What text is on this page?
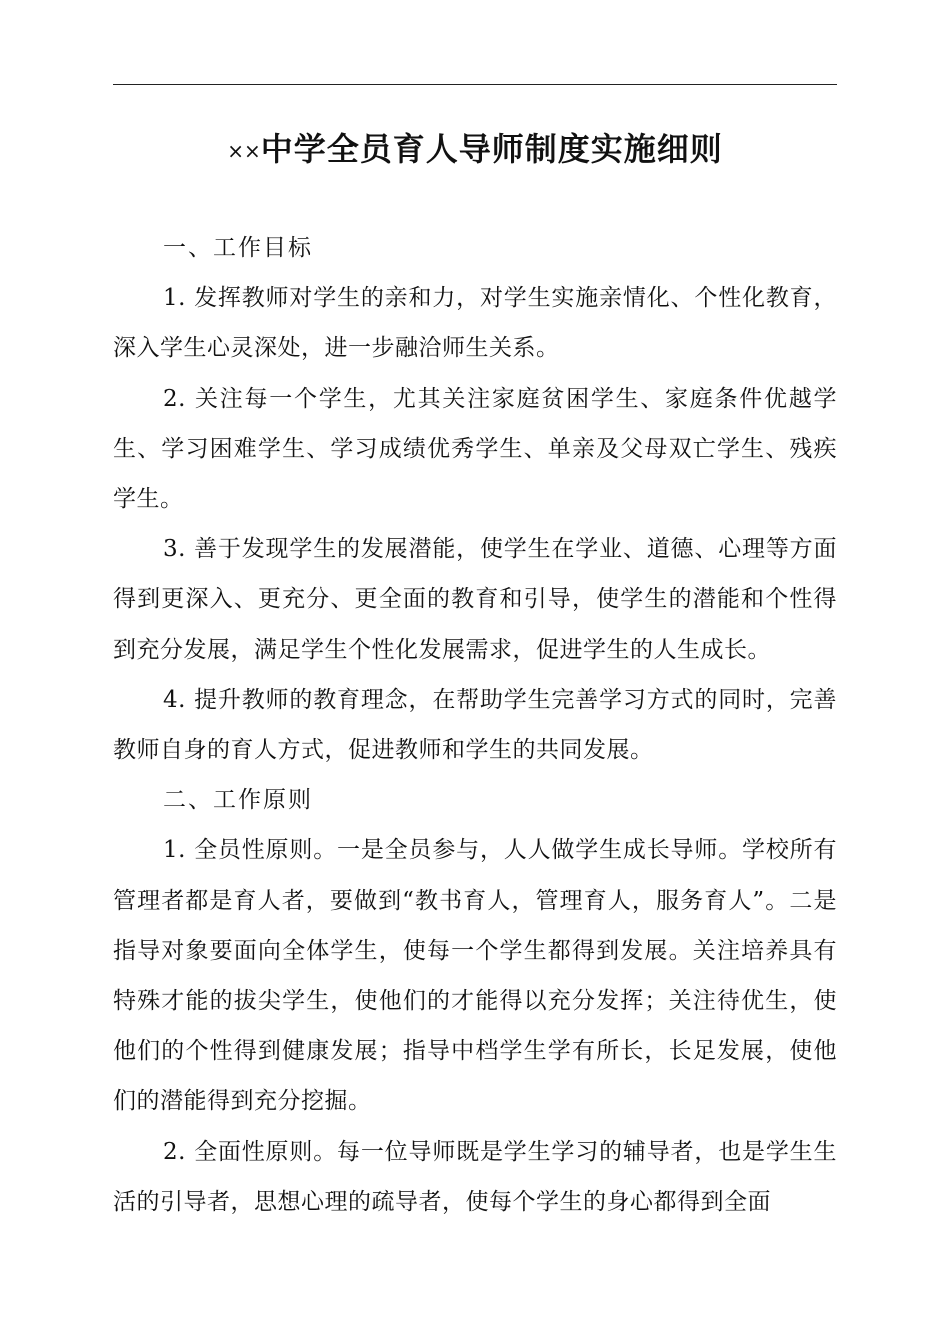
××中学全员育人导师制度实施细则

一、工作目标

1. 发挥教师对学生的亲和力，对学生实施亲情化、个性化教育，深入学生心灵深处，进一步融洽师生关系。

2. 关注每一个学生，尤其关注家庭贫困学生、家庭条件优越学生、学习困难学生、学习成绩优秀学生、单亲及父母双亡学生、残疾学生。

3. 善于发现学生的发展潜能，使学生在学业、道德、心理等方面得到更深入、更充分、更全面的教育和引导，使学生的潜能和个性得到充分发展，满足学生个性化发展需求，促进学生的人生成长。

4. 提升教师的教育理念，在帮助学生完善学习方式的同时，完善教师自身的育人方式，促进教师和学生的共同发展。

二、工作原则

1. 全员性原则。一是全员参与，人人做学生成长导师。学校所有管理者都是育人者，要做到“教书育人，管理育人，服务育人”。二是指导对象要面向全体学生，使每一个学生都得到发展。关注培养具有特殊才能的拔尖学生，使他们的才能得以充分发挥；关注待优生，使他们的个性得到健康发展；指导中档学生学有所长，长足发展，使他们的潜能得到充分挖掘。

2. 全面性原则。每一位导师既是学生学习的辅导者，也是学生生活的引导者，思想心理的疏导者，使每个学生的身心都得到全面
